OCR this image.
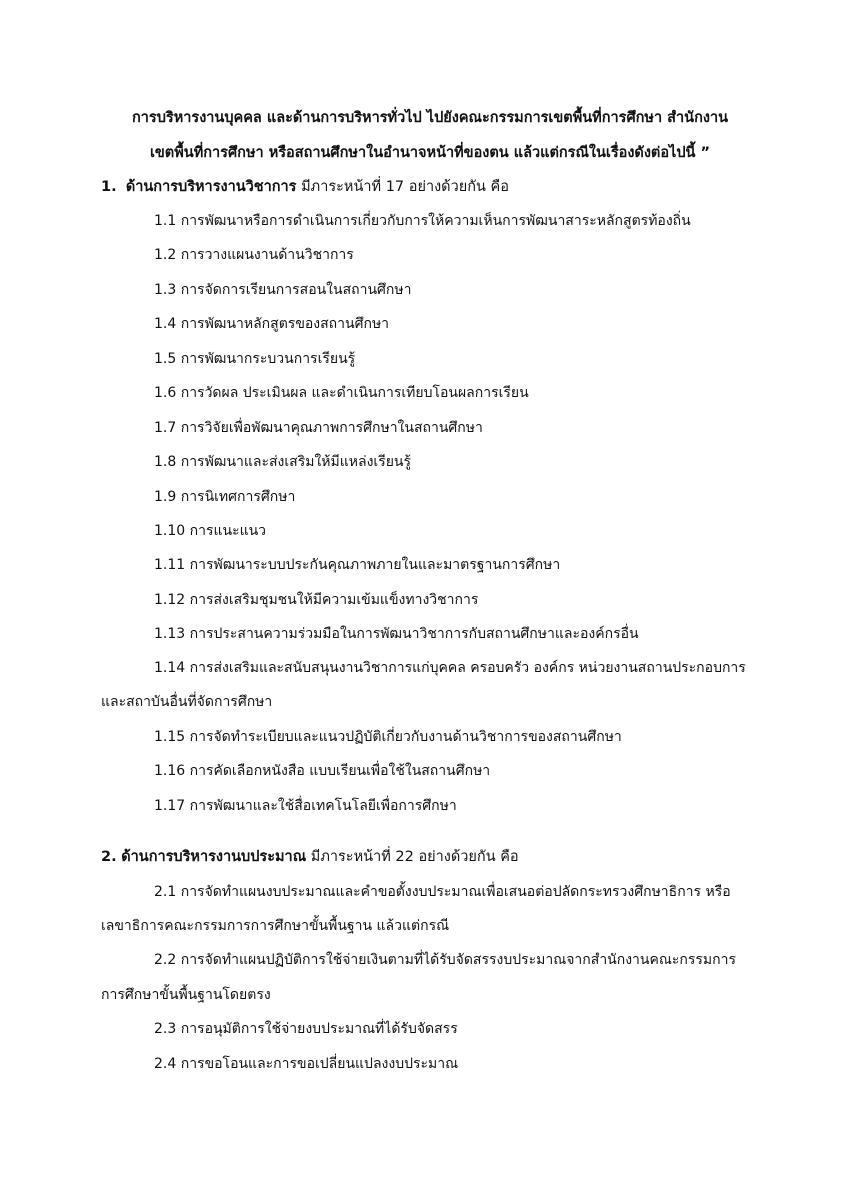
การบริหารงานบุคคล และด้านการบริหารทั่วไป ไปยังคณะกรรมการเขตพื้นที่การศึกษา สำนักงาน
เขตพื้นที่การศึกษา หรือสถานศึกษาในอำนาจหน้าที่ของตน แล้วแต่กรณีในเรื่องดังต่อไปนี้ ”
1. ด้านการบริหารงานวิชาการ มีภาระหน้าที่ 17 อย่างด้วยกัน คือ
1.1 การพัฒนาหรือการดำเนินการเกี่ยวกับการให้ความเห็นการพัฒนาสาระหลักสูตรท้องถิ่น
1.2 การวางแผนงานด้านวิชาการ
1.3 การจัดการเรียนการสอนในสถานศึกษา
1.4 การพัฒนาหลักสูตรของสถานศึกษา
1.5 การพัฒนากระบวนการเรียนรู้
1.6 การวัดผล ประเมินผล และดำเนินการเทียบโอนผลการเรียน
1.7 การวิจัยเพื่อพัฒนาคุณภาพการศึกษาในสถานศึกษา
1.8 การพัฒนาและส่งเสริมให้มีแหล่งเรียนรู้
1.9 การนิเทศการศึกษา
1.10 การแนะแนว
1.11 การพัฒนาระบบประกันคุณภาพภายในและมาตรฐานการศึกษา
1.12 การส่งเสริมชุมชนให้มีความเข้มแข็งทางวิชาการ
1.13 การประสานความร่วมมือในการพัฒนาวิชาการกับสถานศึกษาและองค์กรอื่น
1.14 การส่งเสริมและสนับสนุนงานวิชาการแก่บุคคล ครอบครัว องค์กร หน่วยงานสถานประกอบการ
และสถาบันอื่นที่จัดการศึกษา
1.15 การจัดทำระเบียบและแนวปฏิบัติเกี่ยวกับงานด้านวิชาการของสถานศึกษา
1.16 การคัดเลือกหนังสือ แบบเรียนเพื่อใช้ในสถานศึกษา
1.17 การพัฒนาและใช้สื่อเทคโนโลยีเพื่อการศึกษา
2. ด้านการบริหารงานบประมาณ มีภาระหน้าที่ 22 อย่างด้วยกัน คือ
2.1 การจัดทำแผนงบประมาณและคำขอตั้งงบประมาณเพื่อเสนอต่อปลัดกระทรวงศึกษาธิการ หรือ
เลขาธิการคณะกรรมการการศึกษาขั้นพื้นฐาน แล้วแต่กรณี
2.2 การจัดทำแผนปฏิบัติการใช้จ่ายเงินตามที่ได้รับจัดสรรงบประมาณจากสำนักงานคณะกรรมการ
การศึกษาขั้นพื้นฐานโดยตรง
2.3 การอนุมัติการใช้จ่ายงบประมาณที่ได้รับจัดสรร
2.4 การขอโอนและการขอเปลี่ยนแปลงงบประมาณ
